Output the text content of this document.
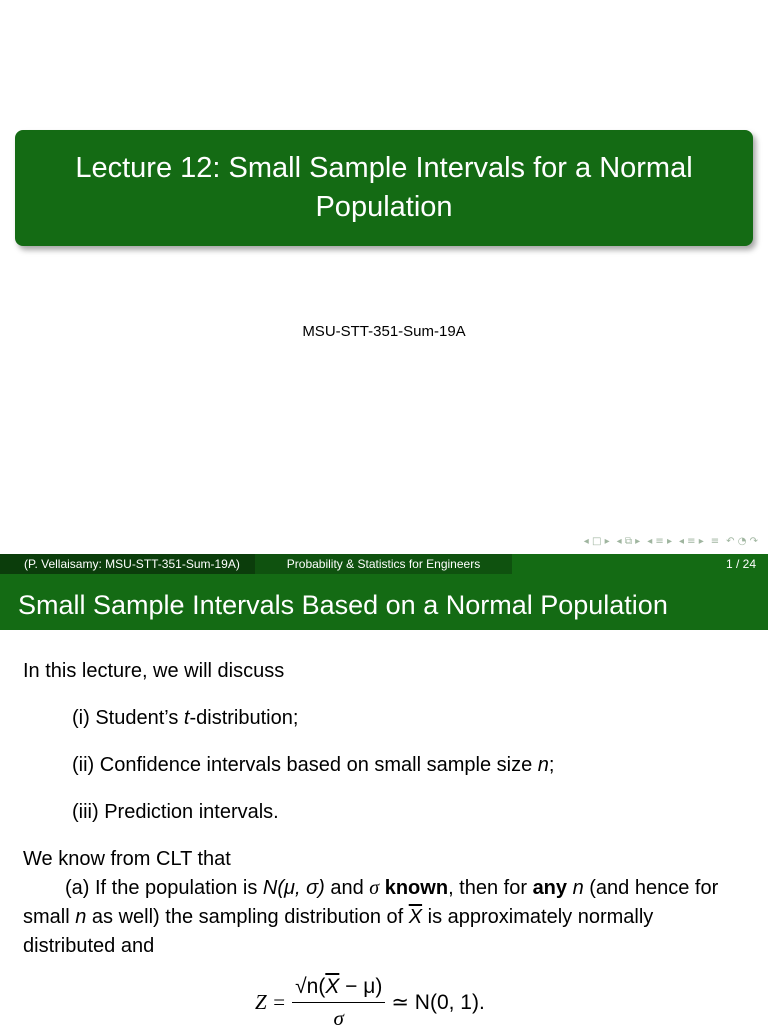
Lecture 12: Small Sample Intervals for a Normal Population
MSU-STT-351-Sum-19A
◂ □ ▸ ◂ ⧉ ▸ ◂ ≡ ▸ ◂ ≡ ▸ ≡ ↶ ◔ ↷
(P. Vellaisamy: MSU-STT-351-Sum-19A)	Probability & Statistics for Engineers	1 / 24
Small Sample Intervals Based on a Normal Population

In this lecture, we will discuss

(i) Student’s t-distribution;

(ii) Confidence intervals based on small sample size n;

(iii) Prediction intervals.

We know from CLT that

(a) If the population is N(μ, σ) and σ known, then for any n (and hence for small n as well) the sampling distribution of $\overline{X}$ is approximately normally distributed and

$Z = \frac{√n(\overline{X} - \mu)}{\sigma}$ ≃ N(0, 1).
